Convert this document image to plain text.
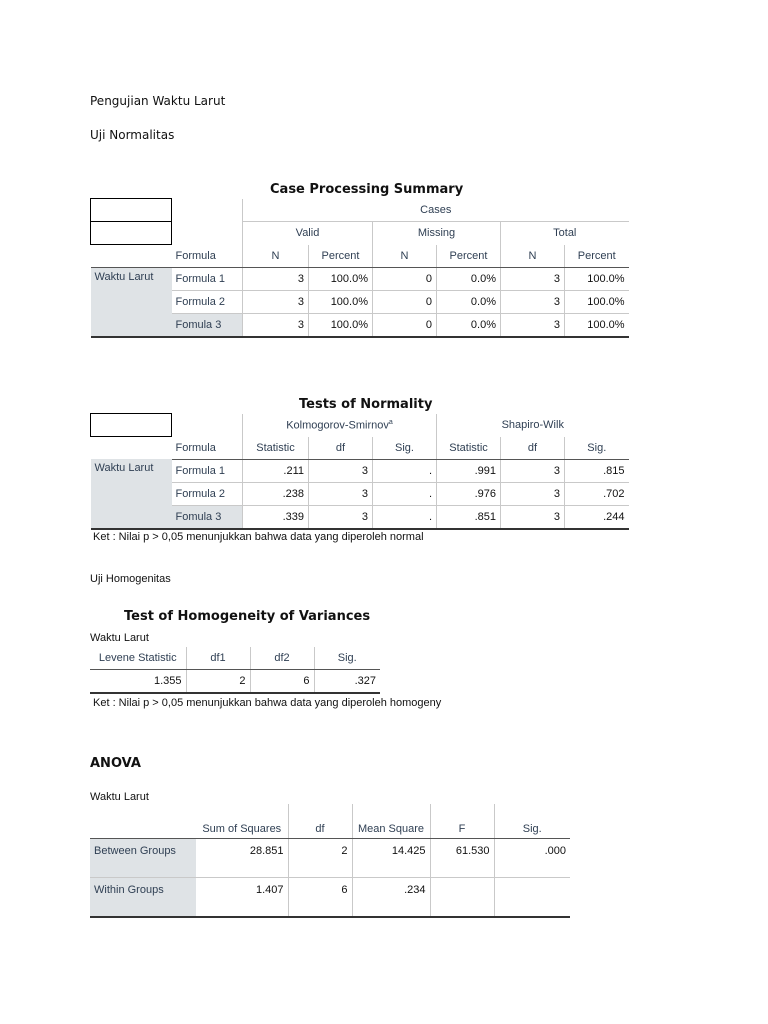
Pengujian Waktu Larut
Uji Normalitas
Case Processing Summary
		Cases					
		Valid		Missing		Total	
	Formula	N	Percent	N	Percent	N	Percent
Waktu Larut	Formula 1	3	100.0%	0	0.0%	3	100.0%
	Formula 2	3	100.0%	0	0.0%	3	100.0%
	Fomula 3	3	100.0%	0	0.0%	3	100.0%
Tests of Normality
		Kolmogorov-Smirnov$^a$			Shapiro-Wilk		
	Formula	Statistic	df	Sig.	Statistic	df	Sig.
Waktu Larut	Formula 1	.211	3	.	.991	3	.815
	Formula 2	.238	3	.	.976	3	.702
	Fomula 3	.339	3	.	.851	3	.244
Ket : Nilai p > 0,05 menunjukkan bahwa data yang diperoleh normal
Uji Homogenitas
Test of Homogeneity of Variances
Waktu Larut
Levene Statistic	df1	df2	Sig.
1.355	2	6	.327
Ket : Nilai p > 0,05 menunjukkan bahwa data yang diperoleh homogeny
ANOVA
Waktu Larut

	Sum of Squares	df	Mean Square	F	Sig.
Between Groups	28.851	2	14.425	61.530	.000
Within Groups	1.407	6	.234		
